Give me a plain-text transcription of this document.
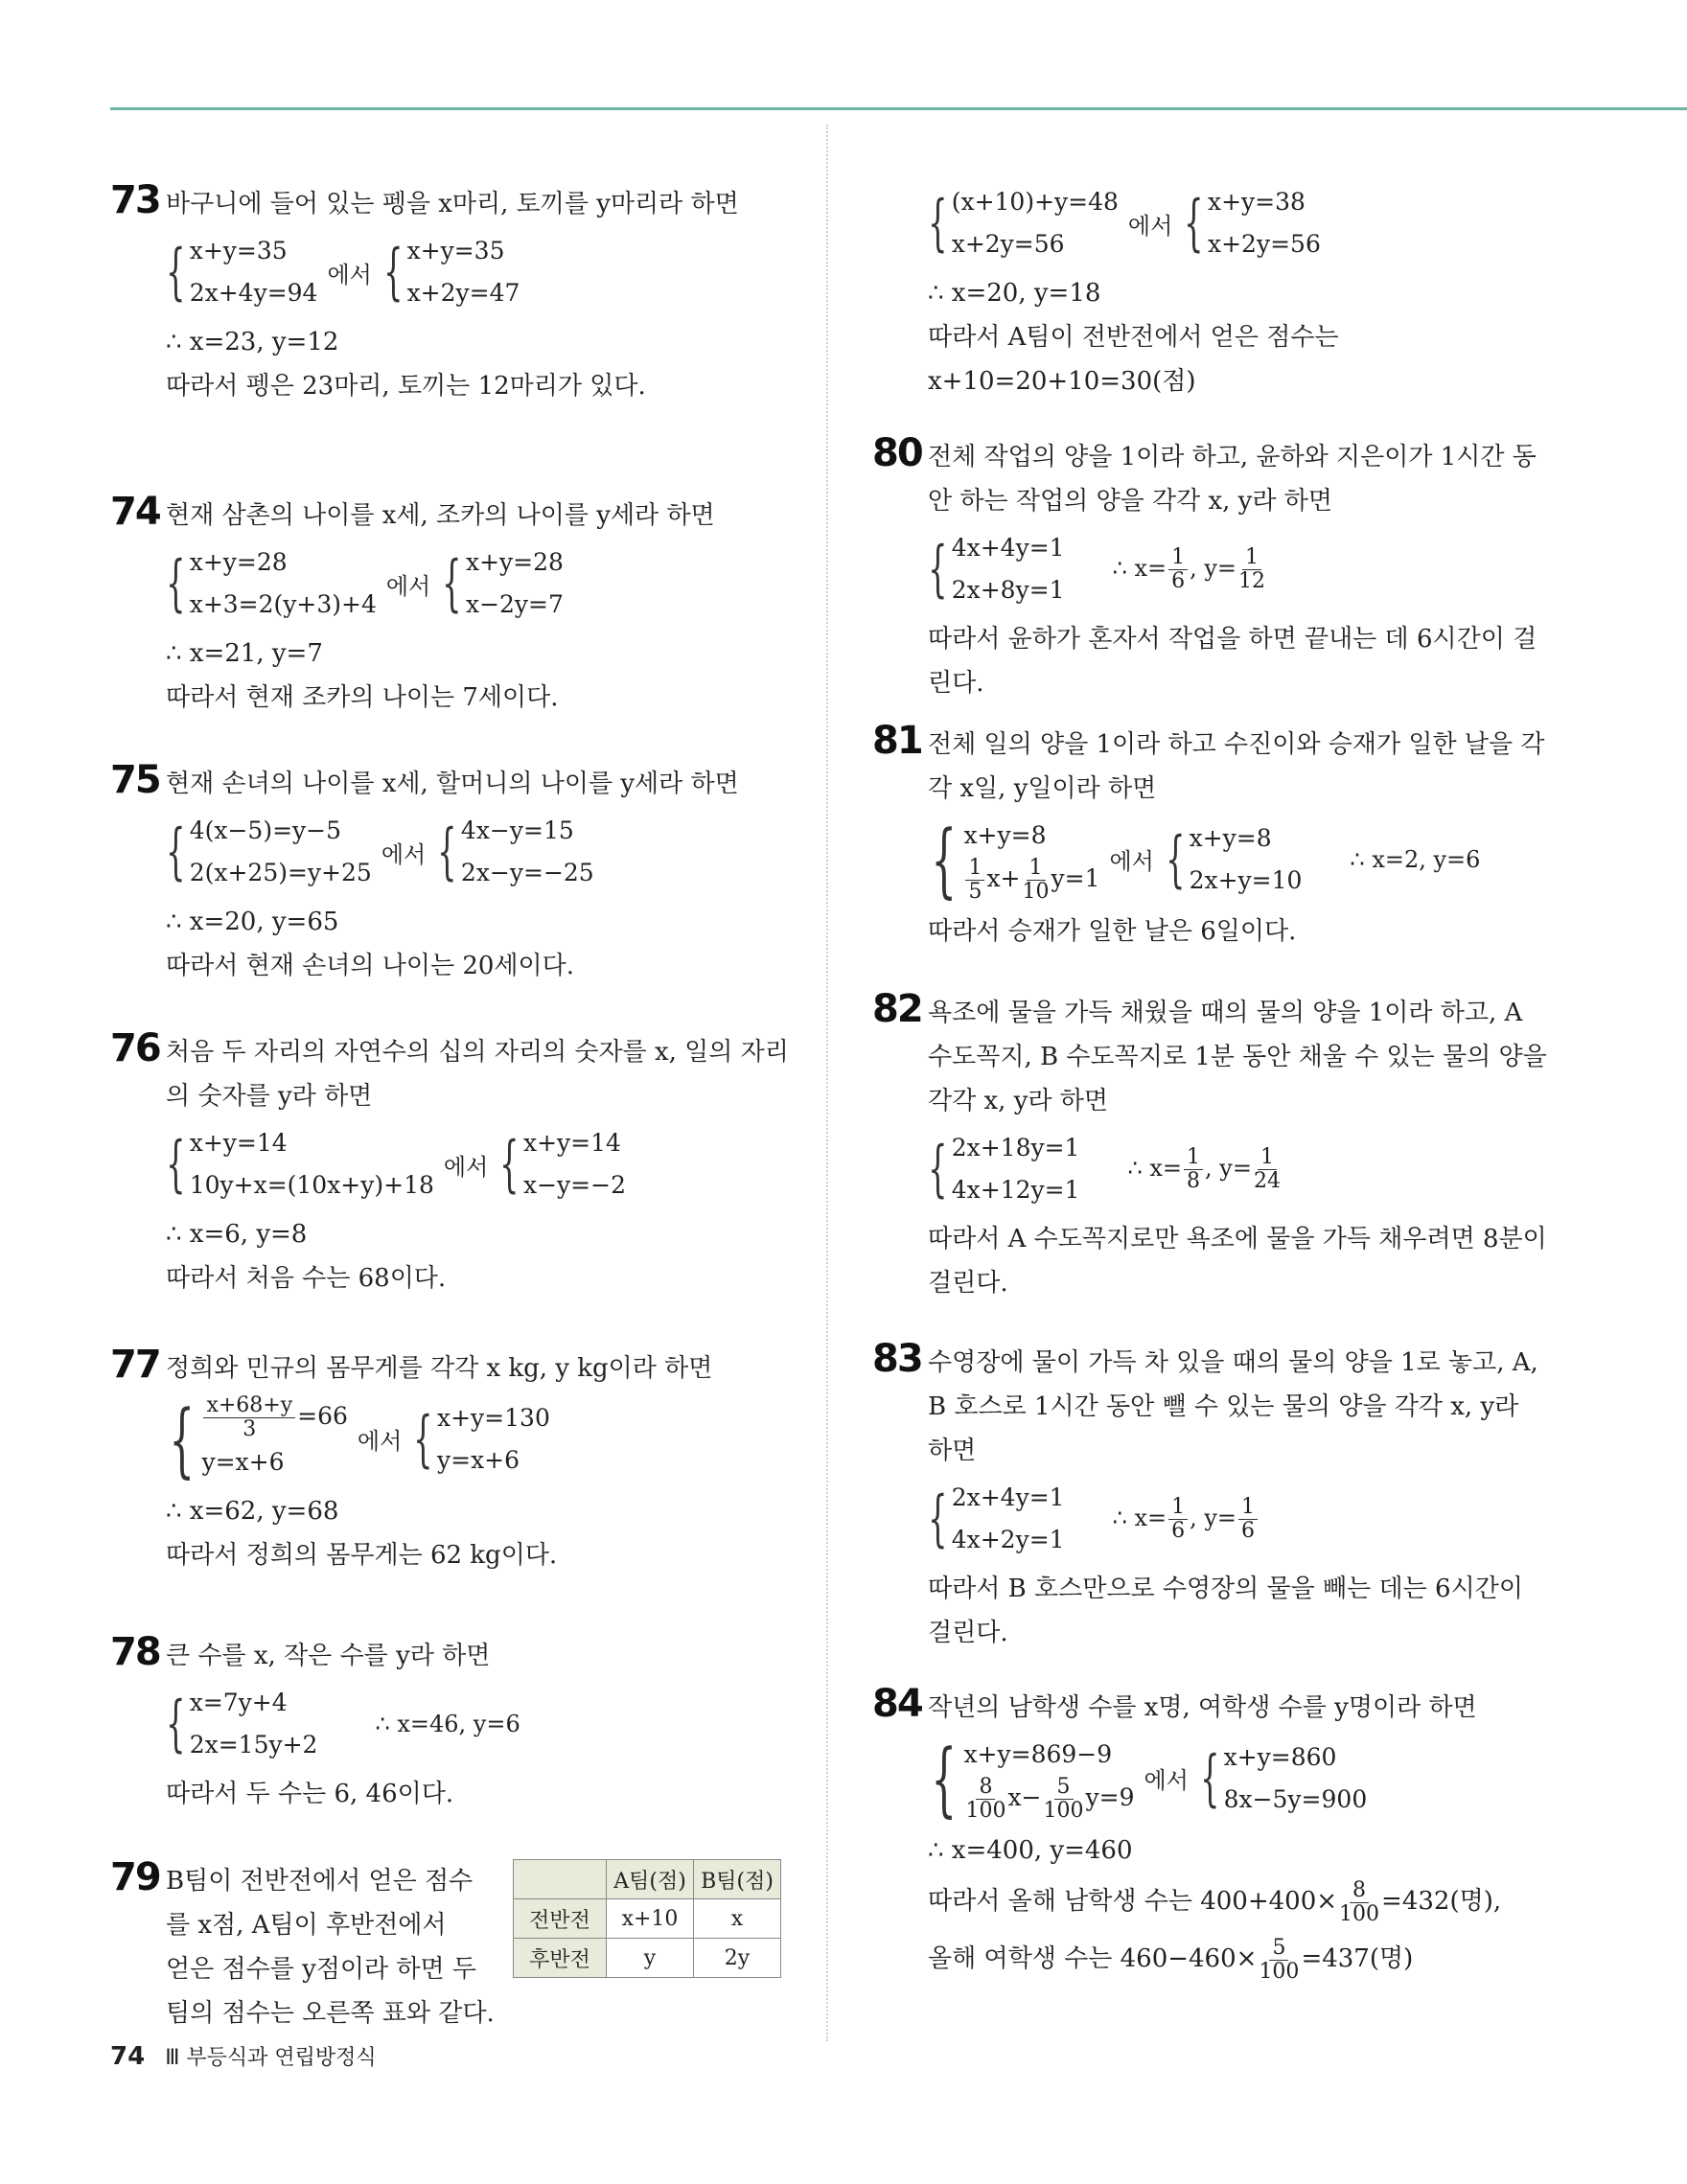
73 바구니에 들어 있는 펭을 x마리, 토끼를 y마리라 하면

{ x+y=35
2x+4y=94
에서 { x+y=35
x+2y=47

∴ x=23, y=12

따라서 펭은 23마리, 토끼는 12마리가 있다.

74 현재 삼촌의 나이를 x세, 조카의 나이를 y세라 하면

{ x+y=28
x+3=2(y+3)+4
에서 { x+y=28
x−2y=7

∴ x=21, y=7

따라서 현재 조카의 나이는 7세이다.

75 현재 손녀의 나이를 x세, 할머니의 나이를 y세라 하면

{ 4(x−5)=y−5
2(x+25)=y+25
에서 { 4x−y=15
2x−y=−25

∴ x=20, y=65

따라서 현재 손녀의 나이는 20세이다.

76 처음 두 자리의 자연수의 십의 자리의 숫자를 x, 일의 자리

의 숫자를 y라 하면

{ x+y=14
10y+x=(10x+y)+18
에서 { x+y=14
x−y=−2

∴ x=6, y=8

따라서 처음 수는 68이다.

77 정희와 민규의 몸무게를 각각 x kg, y kg이라 하면

{ $\frac{x+68+y}{3} =66$
y=x+6
에서 { x+y=130
y=x+6

∴ x=62, y=68

따라서 정희의 몸무게는 62 kg이다.

78 큰 수를 x, 작은 수를 y라 하면

{ x=7y+4
2x=15y+2
∴ x=46, y=6

따라서 두 수는 6, 46이다.

79 B팀이 전반전에서 얻은 점수

를 x점, A팀이 후반전에서

얻은 점수를 y점이라 하면 두

팀의 점수는 오른쪽 표와 같다.

	A팀(점)	B팀(점)
전반전	x+10	x
후반전	y	2y
{ (x+10)+y=48
x+2y=56
에서 { x+y=38
x+2y=56

∴ x=20, y=18

따라서 A팀이 전반전에서 얻은 점수는

x+10=20+10=30(점)

80 전체 작업의 양을 1이라 하고, 윤하와 지은이가 1시간 동

안 하는 작업의 양을 각각 x, y라 하면

{ 4x+4y=1
2x+8y=1
∴ $x= \frac{1}{6}$ , $y= \frac{1}{12}$

따라서 윤하가 혼자서 작업을 하면 끝내는 데 6시간이 걸

린다.

81 전체 일의 양을 1이라 하고 수진이와 승재가 일한 날을 각

각 x일, y일이라 하면

{ x+y=8
$\frac{1}{5} x+ \frac{1}{10} y=1$
에서 { x+y=8
2x+y=10
∴ x=2, y=6

따라서 승재가 일한 날은 6일이다.

82 욕조에 물을 가득 채웠을 때의 물의 양을 1이라 하고, A

수도꼭지, B 수도꼭지로 1분 동안 채울 수 있는 물의 양을

각각 x, y라 하면

{ 2x+18y=1
4x+12y=1
∴ $x= \frac{1}{8}$ , $y= \frac{1}{24}$

따라서 A 수도꼭지로만 욕조에 물을 가득 채우려면 8분이

걸린다.

83 수영장에 물이 가득 차 있을 때의 물의 양을 1로 놓고, A,

B 호스로 1시간 동안 뺄 수 있는 물의 양을 각각 x, y라

하면

{ 2x+4y=1
4x+2y=1
∴ $x= \frac{1}{6}$ , $y= \frac{1}{6}$

따라서 B 호스만으로 수영장의 물을 빼는 데는 6시간이

걸린다.

84 작년의 남학생 수를 x명, 여학생 수를 y명이라 하면

{ x+y=869−9
$\frac{8}{100} x- \frac{5}{100} y=9$
에서 { x+y=860
8x−5y=900

∴ x=400, y=460

따라서 올해 남학생 수는 $400+400\times \frac{8}{100} =432$(명),

올해 여학생 수는 $460-460\times \frac{5}{100} =437$(명)

74 Ⅲ 부등식과 연립방정식
